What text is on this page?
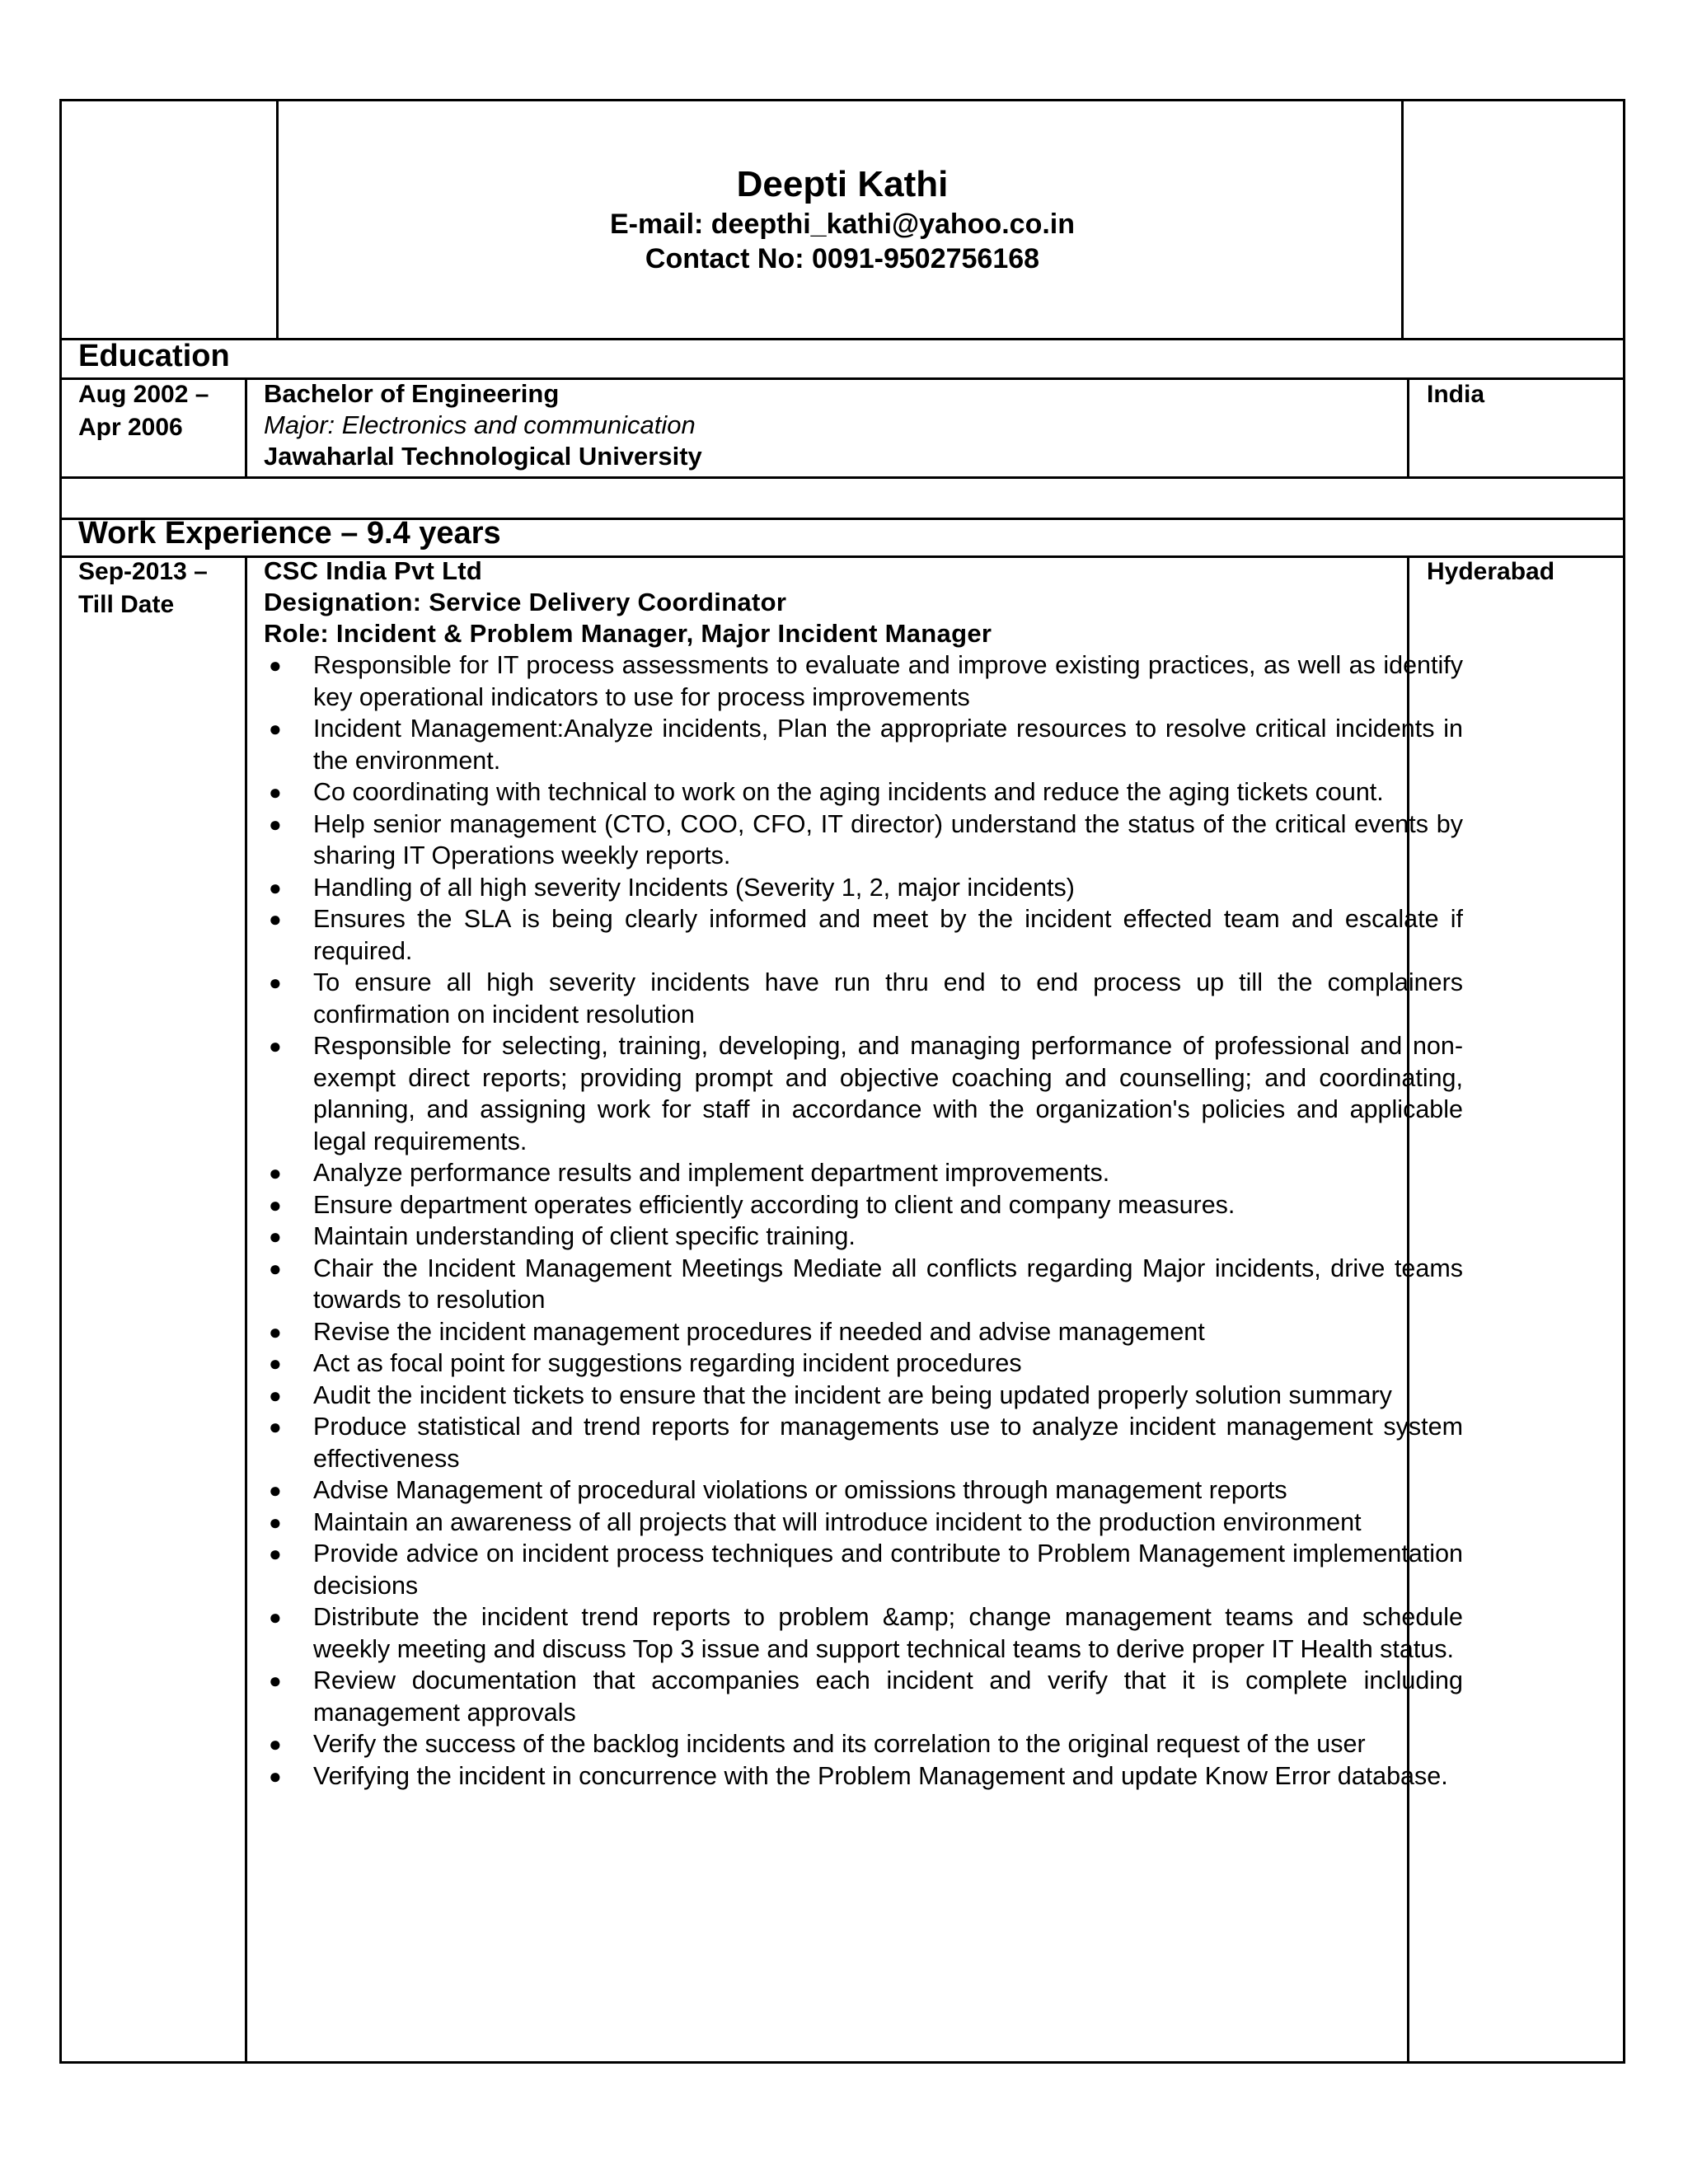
Deepti Kathi
E-mail: deepthi_kathi@yahoo.co.in
Contact No: 0091-9502756168
Education
Aug 2002 –
Apr 2006
Bachelor of Engineering
Major: Electronics and communication
Jawaharlal Technological University
India
Work Experience – 9.4 years
Sep-2013 –
Till Date
Hyderabad
CSC India Pvt Ltd
Designation: Service Delivery Coordinator
Role: Incident & Problem Manager, Major Incident Manager
● Responsible for IT process assessments to evaluate and improve existing practices, as well as identify key operational indicators to use for process improvements
● Incident Management:Analyze incidents, Plan the appropriate resources to resolve critical incidents in the environment.
● Co coordinating with technical to work on the aging incidents and reduce the aging tickets count.
● Help senior management (CTO, COO, CFO, IT director) understand the status of the critical events by sharing IT Operations weekly reports.
● Handling of all high severity Incidents (Severity 1, 2, major incidents)
● Ensures the SLA is being clearly informed and meet by the incident effected team and escalate if required.
● To ensure all high severity incidents have run thru end to end process up till the complainers confirmation on incident resolution
● Responsible for selecting, training, developing, and managing performance of professional and non-exempt direct reports; providing prompt and objective coaching and counselling; and coordinating, planning, and assigning work for staff in accordance with the organization's policies and applicable legal requirements.
● Analyze performance results and implement department improvements.
● Ensure department operates efficiently according to client and company measures.
● Maintain understanding of client specific training.
● Chair the Incident Management Meetings Mediate all conflicts regarding Major incidents, drive teams towards to resolution
● Revise the incident management procedures if needed and advise management
● Act as focal point for suggestions regarding incident procedures
● Audit the incident tickets to ensure that the incident are being updated properly solution summary
● Produce statistical and trend reports for managements use to analyze incident management system effectiveness
● Advise Management of procedural violations or omissions through management reports
● Maintain an awareness of all projects that will introduce incident to the production environment
● Provide advice on incident process techniques and contribute to Problem Management implementation decisions
● Distribute the incident trend reports to problem &amp; change management teams and schedule weekly meeting and discuss Top 3 issue and support technical teams to derive proper IT Health status.
● Review documentation that accompanies each incident and verify that it is complete including management approvals
● Verify the success of the backlog incidents and its correlation to the original request of the user
● Verifying the incident in concurrence with the Problem Management and update Know Error database.
